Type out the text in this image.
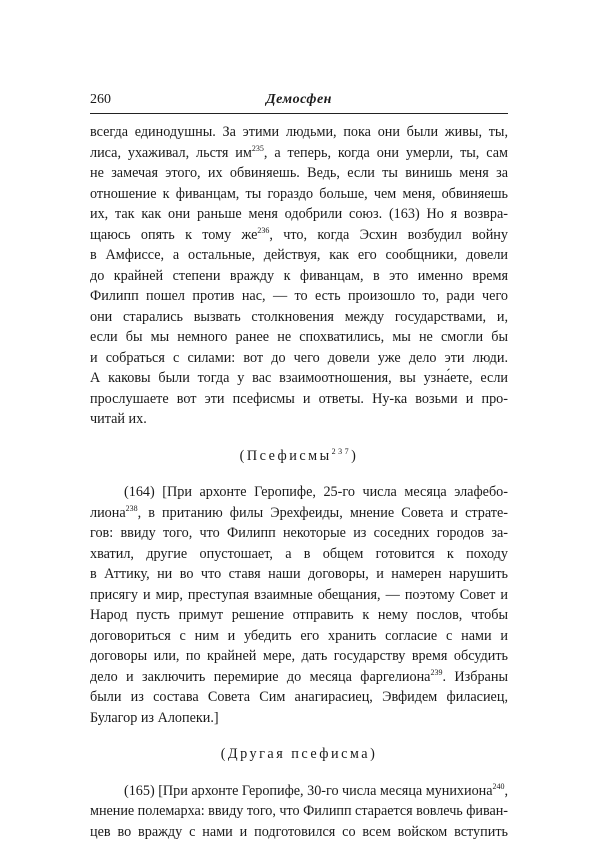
260	Демосфен
всегда единодушны. За этими людьми, пока они были живы, ты,
лиса, ухаживал, льстя $им^{235}$, а теперь, когда они умерли, ты, сам
не замечая этого, их обвиняешь. Ведь, если ты винишь меня за
отношение к фиванцам, ты гораздо больше, чем меня, обвиняешь
их, так как они раньше меня одобрили союз. (163) Но я возвра-
щаюсь опять к тому $же^{236}$, что, когда Эсхин возбудил войну
в Амфиссе, а остальные, действуя, как его сообщники, довели
до крайней степени вражду к фиванцам, в это именно время
Филипп пошел против нас, — то есть произошло то, ради чего
они старались вызвать столкновения между государствами, и,
если бы мы немного ранее не спохватились, мы не смогли бы
и собраться с силами: вот до чего довели уже дело эти люди.
А каковы были тогда у вас взаимоотношения, вы узна́ете, если
прослушаете вот эти псефисмы и ответы. Ну-ка возьми и про-
читай их.
(Псефисмы$^{237}$)
(164) [При архонте Геропифе, 25-го числа месяца элафебо-
лиона$^{238}$, в пританию филы Эрехфеиды, мнение Совета и страте-
гов: ввиду того, что Филипп некоторые из соседних городов за-
хватил, другие опустошает, а в общем готовится к походу
в Аттику, ни во что ставя наши договоры, и намерен нарушить
присягу и мир, преступая взаимные обещания, — поэтому Совет и
Народ пусть примут решение отправить к нему послов, чтобы
договориться с ним и убедить его хранить согласие с нами и
договоры или, по крайней мере, дать государству время обсудить
дело и заключить перемирие до месяца фаргелиона$^{239}$. Избраны
были из состава Совета Сим анагирасиец, Эвфидем филасиец,
Булагор из Алопеки.]
(Другая псефисма)
(165) [При архонте Геропифе, 30-го числа месяца мунихиона$^{240}$,
мнение полемарха: ввиду того, что Филипп старается вовлечь фиван-
цев во вражду с нами и подготовился со всем войском вступить
